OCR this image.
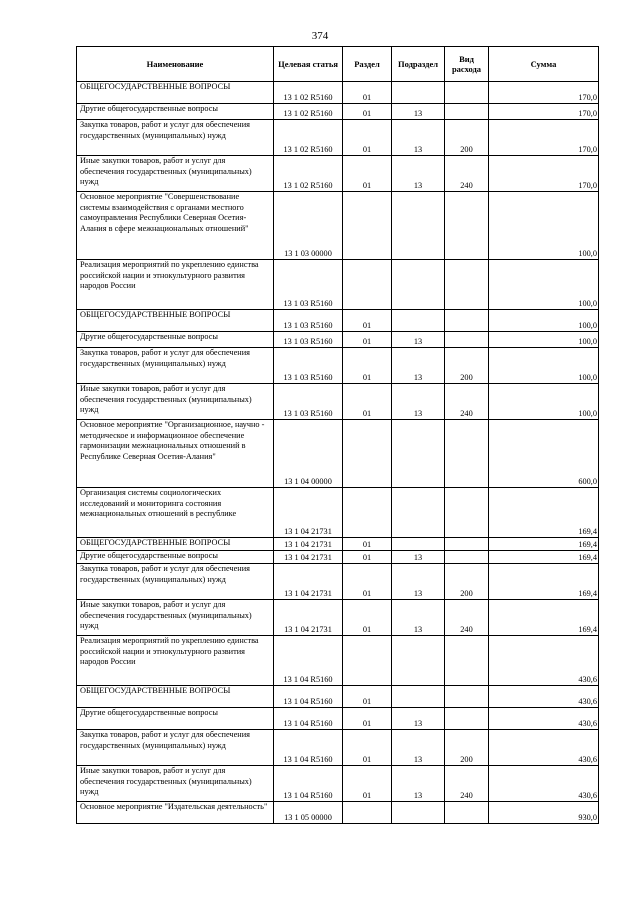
374
Наименование	Целевая статья	Раздел	Подраздел	Вид расхода	Сумма
ОБЩЕГОСУДАРСТВЕННЫЕ ВОПРОСЫ	13 1 02 R5160	01			170,0
Другие общегосударственные вопросы	13 1 02 R5160	01	13		170,0
Закупка товаров, работ и услуг для обеспечения государственных (муниципальных) нужд	13 1 02 R5160	01	13	200	170,0
Иные закупки товаров, работ и услуг для обеспечения государственных (муниципальных) нужд	13 1 02 R5160	01	13	240	170,0
Основное мероприятие "Совершенствование системы взаимодействия с органами местного самоуправления Республики Северная Осетия-Алания в сфере межнациональных отношений"	13 1 03 00000				100,0
Реализация мероприятий по укреплению единства российской нации и этнокультурного развития народов России	13 1 03 R5160				100,0
ОБЩЕГОСУДАРСТВЕННЫЕ ВОПРОСЫ	13 1 03 R5160	01			100,0
Другие общегосударственные вопросы	13 1 03 R5160	01	13		100,0
Закупка товаров, работ и услуг для обеспечения государственных (муниципальных) нужд	13 1 03 R5160	01	13	200	100,0
Иные закупки товаров, работ и услуг для обеспечения государственных (муниципальных) нужд	13 1 03 R5160	01	13	240	100,0
Основное мероприятие "Организационное, научно - методическое и информационное обеспечение гармонизации межнациональных отношений в Республике Северная Осетия-Алания"	13 1 04 00000				600,0
Организация системы социологических исследований и мониторинга состояния межнациональных отношений в республике	13 1 04 21731				169,4
ОБЩЕГОСУДАРСТВЕННЫЕ ВОПРОСЫ	13 1 04 21731	01			169,4
Другие общегосударственные вопросы	13 1 04 21731	01	13		169,4
Закупка товаров, работ и услуг для обеспечения государственных (муниципальных) нужд	13 1 04 21731	01	13	200	169,4
Иные закупки товаров, работ и услуг для обеспечения государственных (муниципальных) нужд	13 1 04 21731	01	13	240	169,4
Реализация мероприятий по укреплению единства российской нации и этнокультурного развития народов России	13 1 04 R5160				430,6
ОБЩЕГОСУДАРСТВЕННЫЕ ВОПРОСЫ	13 1 04 R5160	01			430,6
Другие общегосударственные вопросы	13 1 04 R5160	01	13		430,6
Закупка товаров, работ и услуг для обеспечения государственных (муниципальных) нужд	13 1 04 R5160	01	13	200	430,6
Иные закупки товаров, работ и услуг для обеспечения государственных (муниципальных) нужд	13 1 04 R5160	01	13	240	430,6
Основное мероприятие "Издательская деятельность"	13 1 05 00000				930,0
